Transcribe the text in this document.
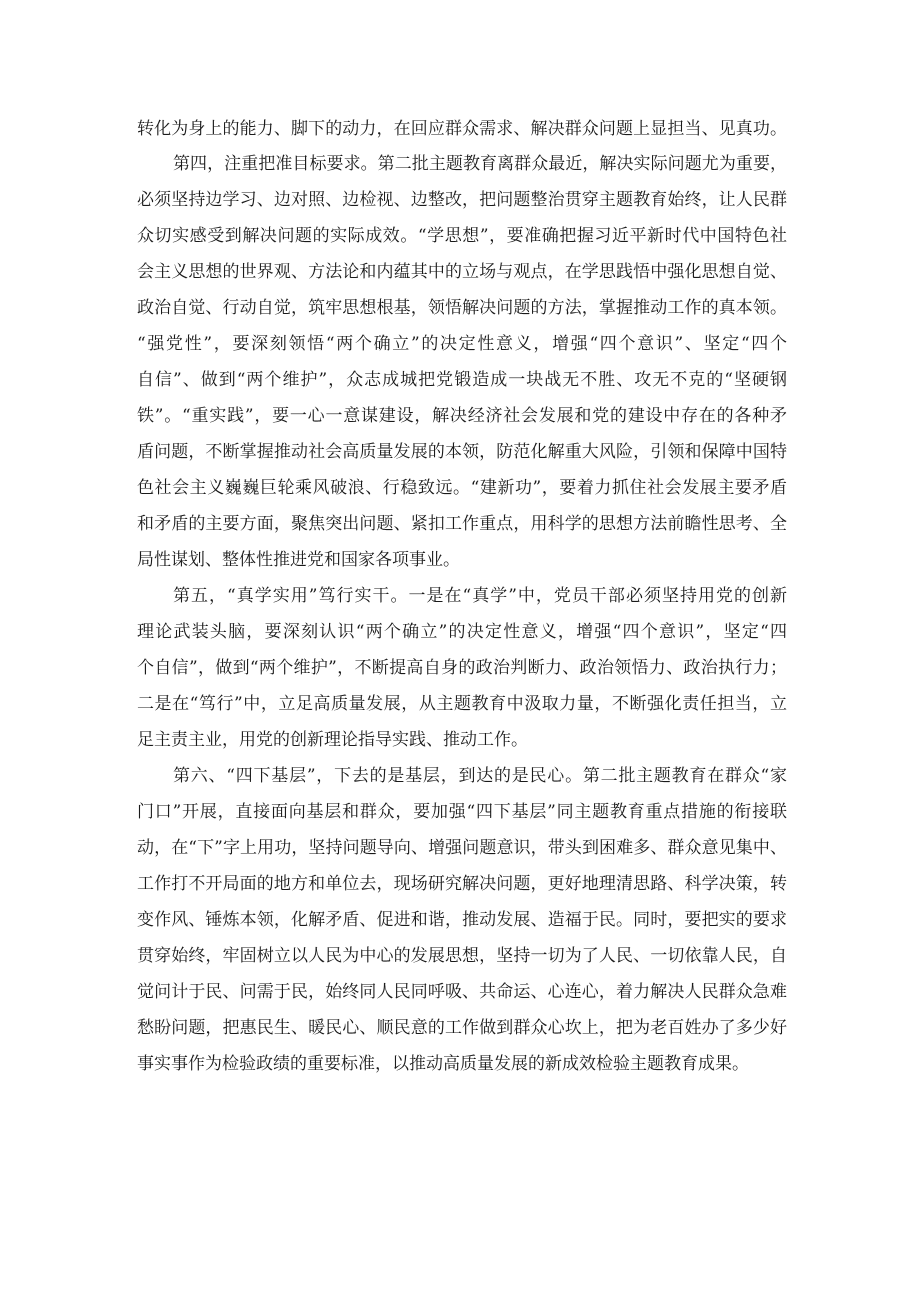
转化为身上的能力、脚下的动力，在回应群众需求、解决群众问题上显担当、见真功。

第四，注重把准目标要求。第二批主题教育离群众最近，解决实际问题尤为重要，

必须坚持边学习、边对照、边检视、边整改，把问题整治贯穿主题教育始终，让人民群

众切实感受到解决问题的实际成效。“学思想”，要准确把握习近平新时代中国特色社

会主义思想的世界观、方法论和内蕴其中的立场与观点，在学思践悟中强化思想自觉、

政治自觉、行动自觉，筑牢思想根基，领悟解决问题的方法，掌握推动工作的真本领。

“强党性”，要深刻领悟“两个确立”的决定性意义，增强“四个意识”、坚定“四个

自信”、做到“两个维护”，众志成城把党锻造成一块战无不胜、攻无不克的“坚硬钢

铁”。“重实践”，要一心一意谋建设，解决经济社会发展和党的建设中存在的各种矛

盾问题，不断掌握推动社会高质量发展的本领，防范化解重大风险，引领和保障中国特

色社会主义巍巍巨轮乘风破浪、行稳致远。“建新功”，要着力抓住社会发展主要矛盾

和矛盾的主要方面，聚焦突出问题、紧扣工作重点，用科学的思想方法前瞻性思考、全

局性谋划、整体性推进党和国家各项事业。

第五，“真学实用”笃行实干。一是在“真学”中，党员干部必须坚持用党的创新

理论武装头脑，要深刻认识“两个确立”的决定性意义，增强“四个意识”，坚定“四

个自信”，做到“两个维护”，不断提高自身的政治判断力、政治领悟力、政治执行力；

二是在“笃行”中，立足高质量发展，从主题教育中汲取力量，不断强化责任担当，立

足主责主业，用党的创新理论指导实践、推动工作。

第六、“四下基层”，下去的是基层，到达的是民心。第二批主题教育在群众“家

门口”开展，直接面向基层和群众，要加强“四下基层”同主题教育重点措施的衔接联

动，在“下”字上用功，坚持问题导向、增强问题意识，带头到困难多、群众意见集中、

工作打不开局面的地方和单位去，现场研究解决问题，更好地理清思路、科学决策，转

变作风、锤炼本领，化解矛盾、促进和谐，推动发展、造福于民。同时，要把实的要求

贯穿始终，牢固树立以人民为中心的发展思想，坚持一切为了人民、一切依靠人民，自

觉问计于民、问需于民，始终同人民同呼吸、共命运、心连心，着力解决人民群众急难

愁盼问题，把惠民生、暖民心、顺民意的工作做到群众心坎上，把为老百姓办了多少好

事实事作为检验政绩的重要标准，以推动高质量发展的新成效检验主题教育成果。
